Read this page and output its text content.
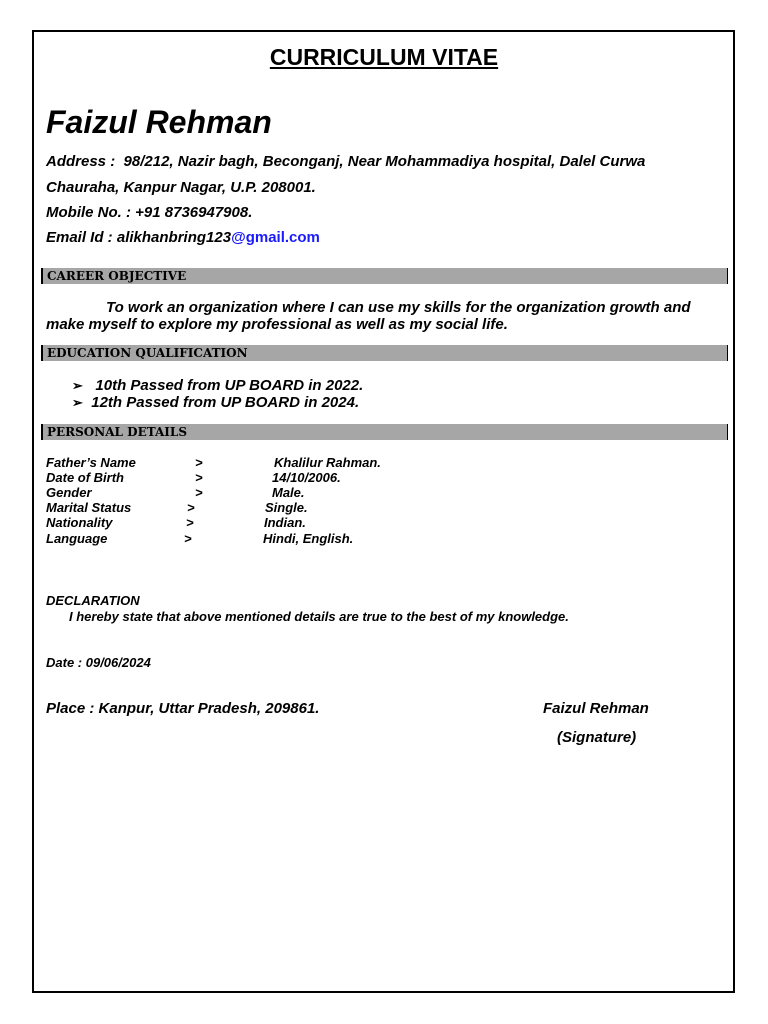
CURRICULUM VITAE
Faizul Rehman
Address : 98/212, Nazir bagh, Beconganj, Near Mohammadiya hospital, Dalel Curwa
Chauraha, Kanpur Nagar, U.P. 208001.
Mobile No. : +91 8736947908.
Email Id : alikhanbring123@gmail.com
CAREER OBJECTIVE
To work an organization where I can use my skills for the organization growth and make myself to explore my professional as well as my social life.
EDUCATION QUALIFICATION
➢ 10th Passed from UP BOARD in 2022.
➢ 12th Passed from UP BOARD in 2024.
PERSONAL DETAILS
Father’s Name	>	Khalilur Rahman.
Date of Birth	>	14/10/2006.
Gender	>	Male.
Marital Status	>	Single.
Nationality	>	Indian.
Language	>	Hindi, English.
DECLARATION
I hereby state that above mentioned details are true to the best of my knowledge.
Date : 09/06/2024
Place : Kanpur, Uttar Pradesh, 209861.	Faizul Rehman
(Signature)
